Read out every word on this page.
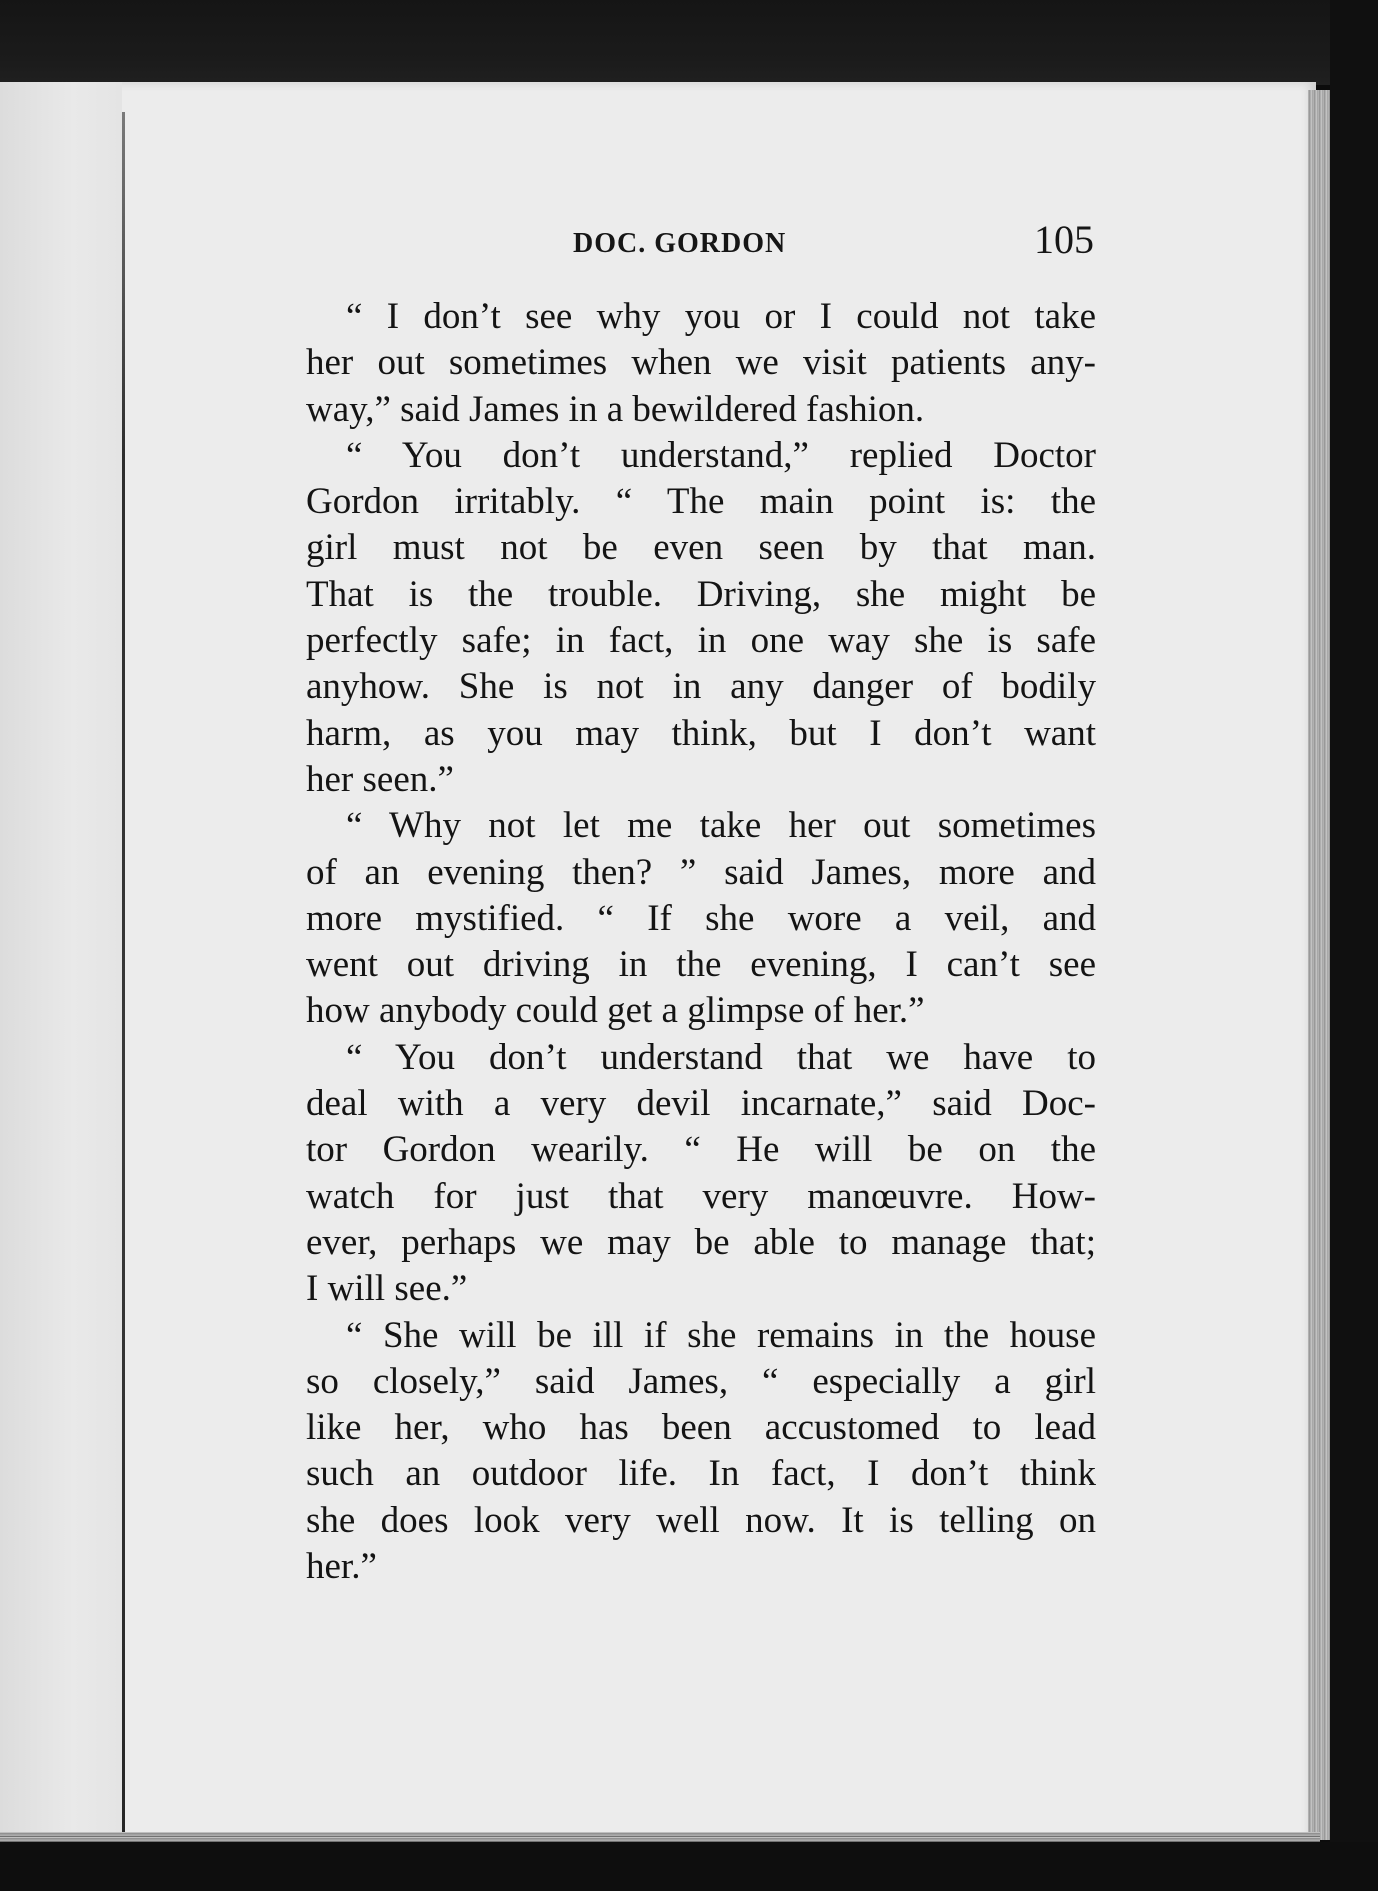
DOC. GORDON	105
“ I don’t see why you or I could not take
her out sometimes when we visit patients any-
way,” said James in a bewildered fashion.
“ You don’t understand,” replied Doctor
Gordon irritably. “ The main point is: the
girl must not be even seen by that man.
That is the trouble. Driving, she might be
perfectly safe; in fact, in one way she is safe
anyhow. She is not in any danger of bodily
harm, as you may think, but I don’t want
her seen.”
“ Why not let me take her out sometimes
of an evening then? ” said James, more and
more mystified. “ If she wore a veil, and
went out driving in the evening, I can’t see
how anybody could get a glimpse of her.”
“ You don’t understand that we have to
deal with a very devil incarnate,” said Doc-
tor Gordon wearily. “ He will be on the
watch for just that very manœuvre. How-
ever, perhaps we may be able to manage that;
I will see.”
“ She will be ill if she remains in the house
so closely,” said James, “ especially a girl
like her, who has been accustomed to lead
such an outdoor life. In fact, I don’t think
she does look very well now. It is telling on
her.”
